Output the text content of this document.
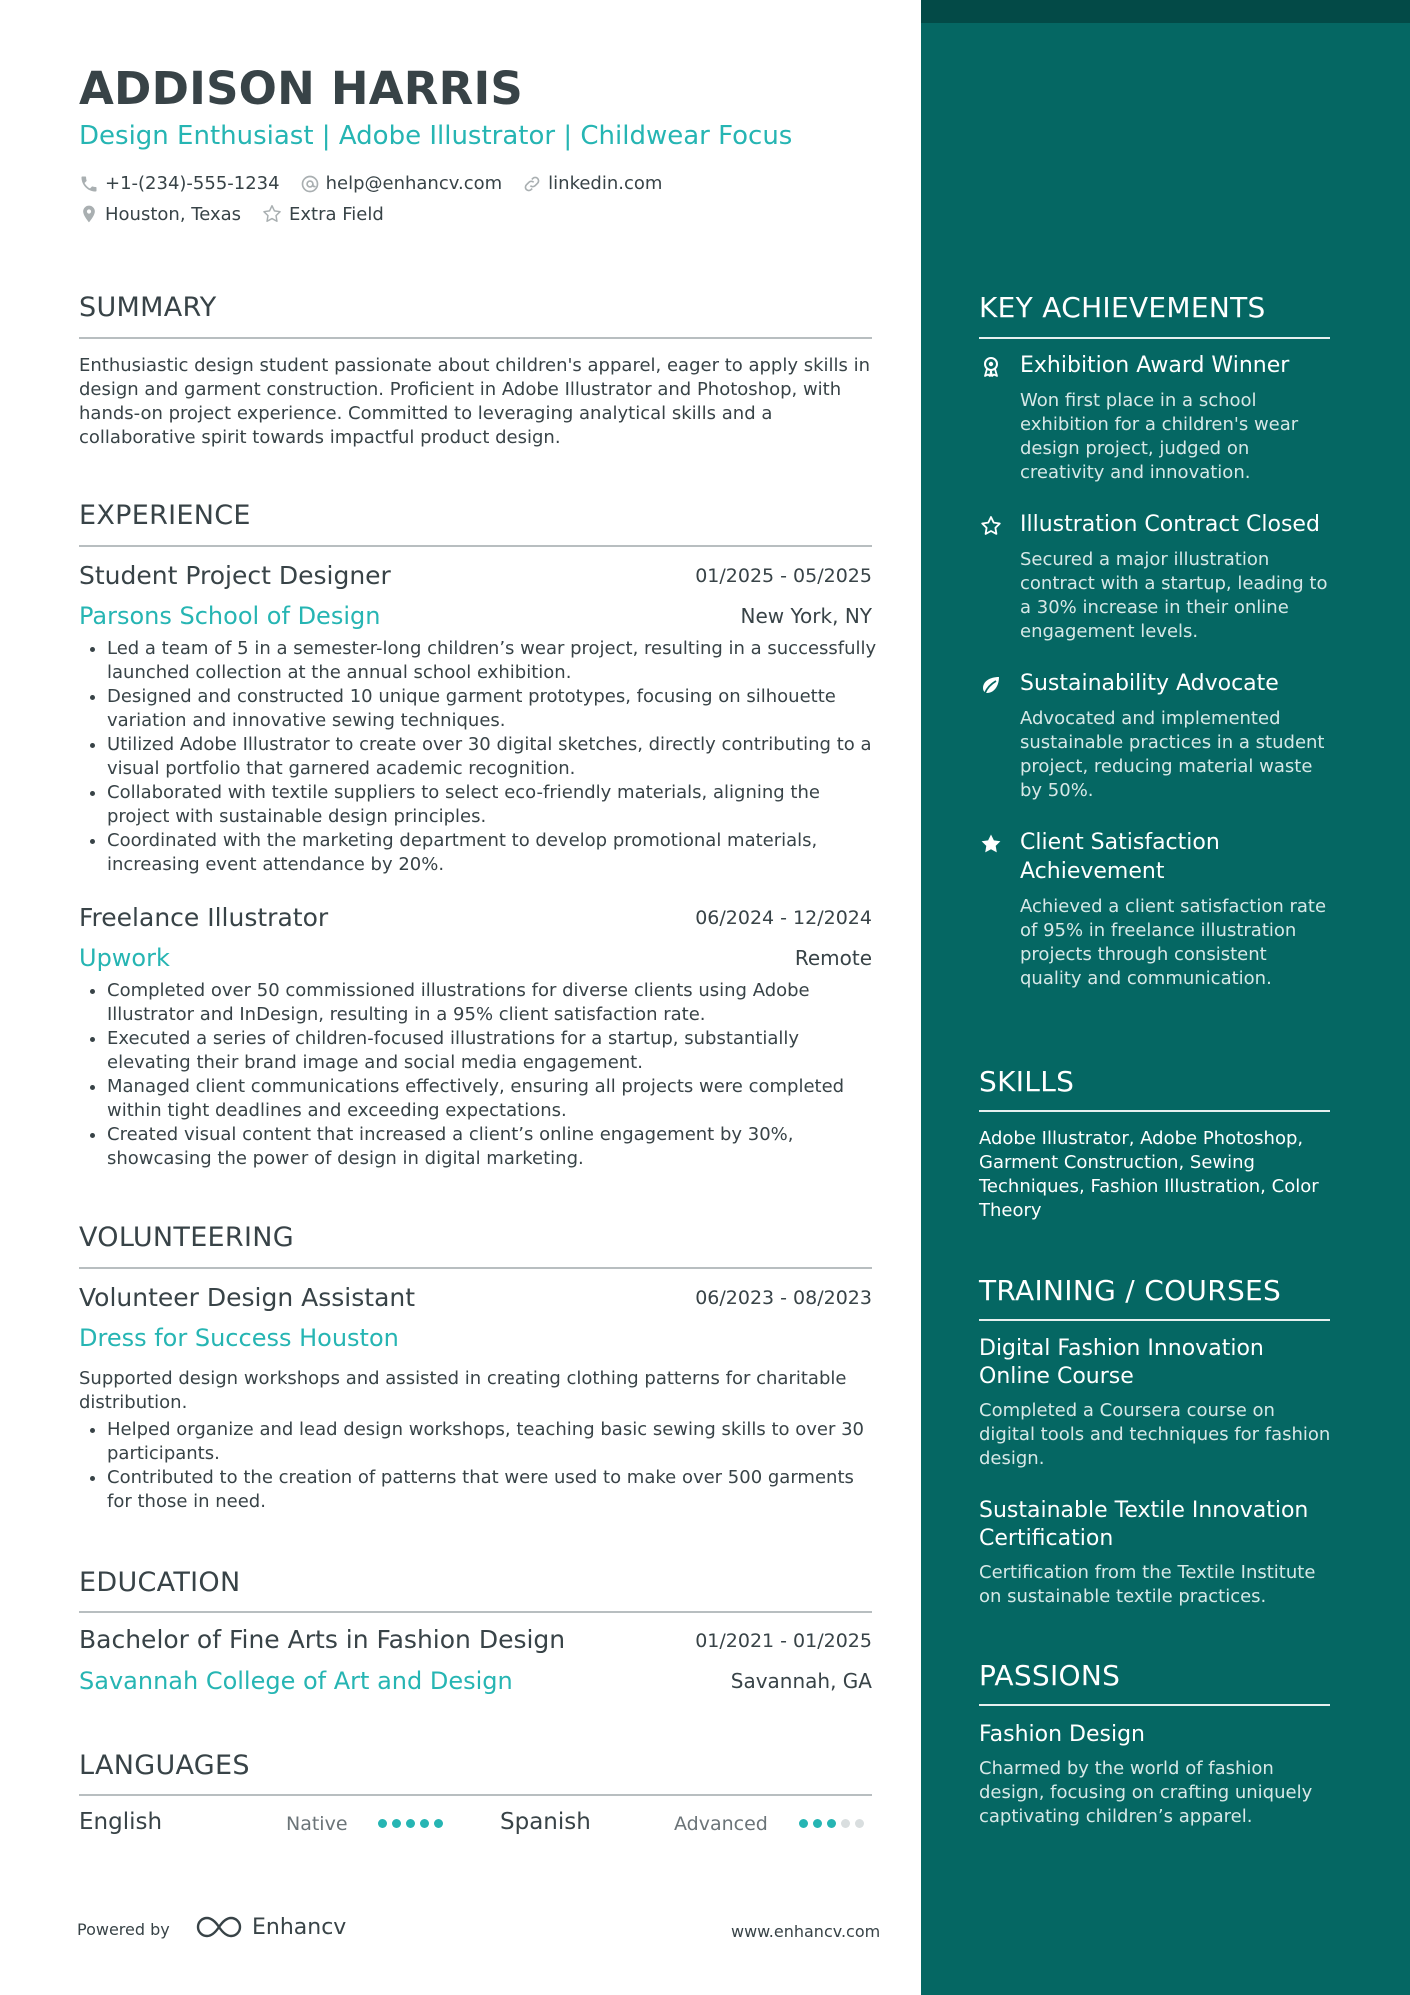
ADDISON HARRIS
Design Enthusiast | Adobe Illustrator | Childwear Focus
+1-(234)-555-1234	help@enhancv.com	linkedin.com
Houston, Texas	Extra Field
SUMMARY
Enthusiastic design student passionate about children's apparel, eager to apply skills in design and garment construction. Proficient in Adobe Illustrator and Photoshop, with hands-on project experience. Committed to leveraging analytical skills and a collaborative spirit towards impactful product design.
EXPERIENCE
Student Project Designer	01/2025 - 05/2025
Parsons School of Design	New York, NY
• Led a team of 5 in a semester-long children’s wear project, resulting in a successfully launched collection at the annual school exhibition.
• Designed and constructed 10 unique garment prototypes, focusing on silhouette variation and innovative sewing techniques.
• Utilized Adobe Illustrator to create over 30 digital sketches, directly contributing to a visual portfolio that garnered academic recognition.
• Collaborated with textile suppliers to select eco-friendly materials, aligning the project with sustainable design principles.
• Coordinated with the marketing department to develop promotional materials, increasing event attendance by 20%.
Freelance Illustrator	06/2024 - 12/2024
Upwork	Remote
• Completed over 50 commissioned illustrations for diverse clients using Adobe Illustrator and InDesign, resulting in a 95% client satisfaction rate.
• Executed a series of children-focused illustrations for a startup, substantially elevating their brand image and social media engagement.
• Managed client communications effectively, ensuring all projects were completed within tight deadlines and exceeding expectations.
• Created visual content that increased a client’s online engagement by 30%, showcasing the power of design in digital marketing.
VOLUNTEERING
Volunteer Design Assistant	06/2023 - 08/2023
Dress for Success Houston
Supported design workshops and assisted in creating clothing patterns for charitable distribution.
• Helped organize and lead design workshops, teaching basic sewing skills to over 30 participants.
• Contributed to the creation of patterns that were used to make over 500 garments for those in need.
EDUCATION
Bachelor of Fine Arts in Fashion Design	01/2021 - 01/2025
Savannah College of Art and Design	Savannah, GA
LANGUAGES
English	Native	Spanish	Advanced
Powered by	Enhancv	www.enhancv.com
KEY ACHIEVEMENTS
Exhibition Award Winner
Won first place in a school exhibition for a children's wear design project, judged on creativity and innovation.
Illustration Contract Closed
Secured a major illustration contract with a startup, leading to a 30% increase in their online engagement levels.
Sustainability Advocate
Advocated and implemented sustainable practices in a student project, reducing material waste by 50%.
Client Satisfaction Achievement
Achieved a client satisfaction rate of 95% in freelance illustration projects through consistent quality and communication.
SKILLS
Adobe Illustrator, Adobe Photoshop, Garment Construction, Sewing Techniques, Fashion Illustration, Color Theory
TRAINING / COURSES
Digital Fashion Innovation Online Course
Completed a Coursera course on digital tools and techniques for fashion design.
Sustainable Textile Innovation Certification
Certification from the Textile Institute on sustainable textile practices.
PASSIONS
Fashion Design
Charmed by the world of fashion design, focusing on crafting uniquely captivating children’s apparel.
